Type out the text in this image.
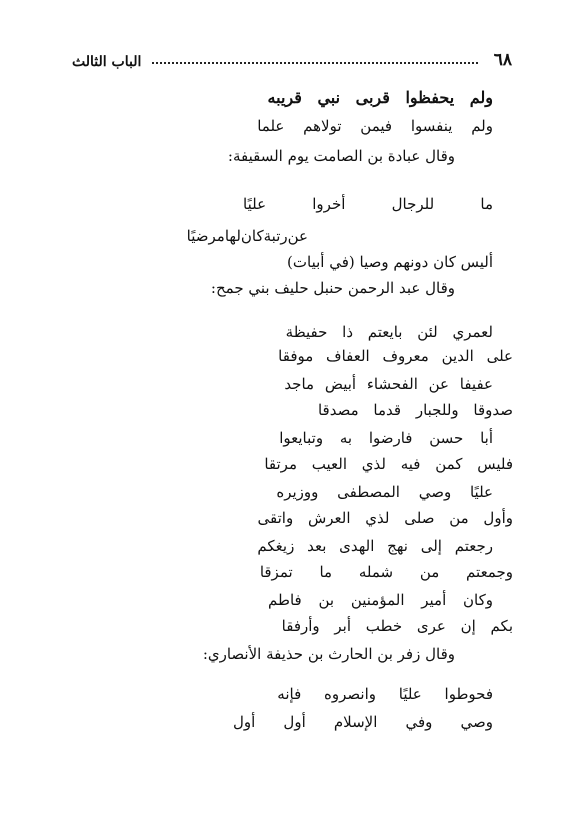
٦٨
الباب الثالث
ولم يحفظوا قربى نبي قريبه
ولم ينفسوا فيمن تولاهم علما
وقال عبادة بن الصامت يوم السقيفة:
ما
للرجال
أخروا
عليًا
عن
رتبة
كان
لها
مرضيًا
أليس كان دونهم وصيا (في أبيات)
وقال عبد الرحمن حنبل حليف بني جمح:
لعمري لئن بايعتم ذا حفيظة
على الدين معروف العفاف موفقا
عفيفا عن الفحشاء أبيض ماجد
صدوقا وللجبار قدما مصدقا
أبا حسن فارضوا به وتبايعوا
فليس كمن فيه لذي العيب مرتقا
عليًا وصي المصطفى ووزيره
وأول من صلى لذي العرش واتقى
رجعتم إلى نهج الهدى بعد زيغكم
وجمعتم من شمله ما تمزقا
وكان أمير المؤمنين بن فاطم
بكم إن عرى خطب أبر وأرفقا
وقال زفر بن الحارث بن حذيفة الأنصاري:
فحوطوا عليًا وانصروه فإنه
وصي
وفي
الإسلام
أول
أول
